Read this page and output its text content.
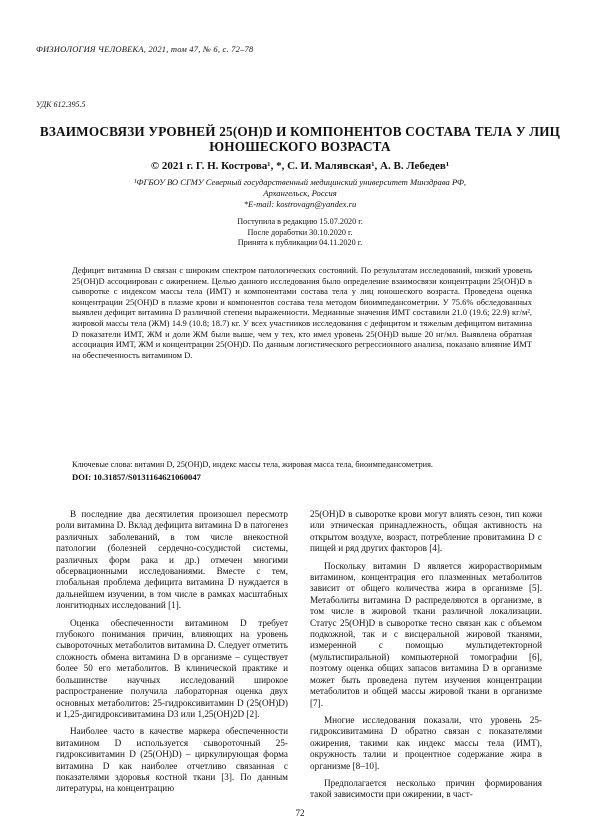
ФИЗИОЛОГИЯ ЧЕЛОВЕКА, 2021, том 47, № 6, с. 72–78
УДК 612.395.5
ВЗАИМОСВЯЗИ УРОВНЕЙ 25(OH)D И КОМПОНЕНТОВ СОСТАВА ТЕЛА У ЛИЦ ЮНОШЕСКОГО ВОЗРАСТА
© 2021 г. Г. Н. Кострова¹, *, С. И. Малявская¹, А. В. Лебедев¹
¹ФГБОУ ВО СГМУ Северный государственный медицинский университет Минздрава РФ,
Архангельск, Россия
*E-mail: kostrovagn@yandex.ru
Поступила в редакцию 15.07.2020 г.
После доработки 30.10.2020 г.
Принята к публикации 04.11.2020 г.
Дефицит витамина D связан с широким спектром патологических состояний. По результатам исследований, низкий уровень 25(OH)D ассоциирован с ожирением. Целью данного исследования было определение взаимосвязи концентрации 25(OH)D в сыворотке с индексом массы тела (ИМТ) и компонентами состава тела у лиц юношеского возраста. Проведена оценка концентрации 25(OH)D в плазме крови и компонентов состава тела методом биоимпедансометрии. У 75.6% обследованных выявлен дефицит витамина D различной степени выраженности. Медианные значения ИМТ составили 21.0 (19.6; 22.9) кг/м², жировой массы тела (ЖМ) 14.9 (10.8; 18.7) кг. У всех участников исследования с дефицитом и тяжелым дефицитом витамина D показатели ИМТ, ЖМ и доли ЖМ были выше, чем у тех, кто имел уровень 25(OH)D выше 20 нг/мл. Выявлена обратная ассоциация ИМТ, ЖМ и концентрации 25(OH)D. По данным логистического регрессионного анализа, показано влияние ИМТ на обеспеченность витамином D.
Ключевые слова: витамин D, 25(OH)D, индекс массы тела, жировая масса тела, биоимпедансометрия.
DOI: 10.31857/S0131164621060047

В последние два десятилетия произошел пересмотр роли витамина D. Вклад дефицита витамина D в патогенез различных заболеваний, в том числе внекостной патологии (болезней сердечно-сосудистой системы, различных форм рака и др.) отмечен многими обсервационными исследованиями. Вместе с тем, глобальная проблема дефицита витамина D нуждается в дальнейшем изучении, в том числе в рамках масштабных лонгитюдных исследований [1].

Оценка обеспеченности витамином D требует глубокого понимания причин, влияющих на уровень сывороточных метаболитов витамина D. Следует отметить сложность обмена витамина D в организме – существует более 50 его метаболитов. В клинической практике и большинстве научных исследований широкое распространение получила лабораторная оценка двух основных метаболитов: 25-гидроксивитамин D (25(OH)D) и 1,25-дигидроксивитамина D3 или 1,25(OH)2D [2].

Наиболее часто в качестве маркера обеспеченности витамином D используется сывороточный 25-гидроксивитамин D (25(OH)D) – циркулирующая форма витамина D как наиболее отчетливо связанная с показателями здоровья костной ткани [3]. По данным литературы, на концентрацию

25(OH)D в сыворотке крови могут влиять сезон, тип кожи или этническая принадлежность, общая активность на открытом воздухе, возраст, потребление провитамина D с пищей и ряд других факторов [4].

Поскольку витамин D является жирорастворимым витамином, концентрация его плазменных метаболитов зависит от общего количества жира в организме [5]. Метаболиты витамина D распределяются в организме, в том числе в жировой ткани различной локализации. Статус 25(OH)D в сыворотке тесно связан как с объемом подкожной, так и с висцеральной жировой тканями, измеренной с помощью мультидетекторной (мультиспиральной) компьютерной томографии [6], поэтому оценка общих запасов витамина D в организме может быть проведена путем изучения концентрации метаболитов и общей массы жировой ткани в организме [7].

Многие исследования показали, что уровень 25-гидроксивитамина D обратно связан с показателями ожирения, такими как индекс массы тела (ИМТ), окружность талии и процентное содержание жира в организме [8–10].

Предполагается несколько причин формирования такой зависимости при ожирении, в част-

72
